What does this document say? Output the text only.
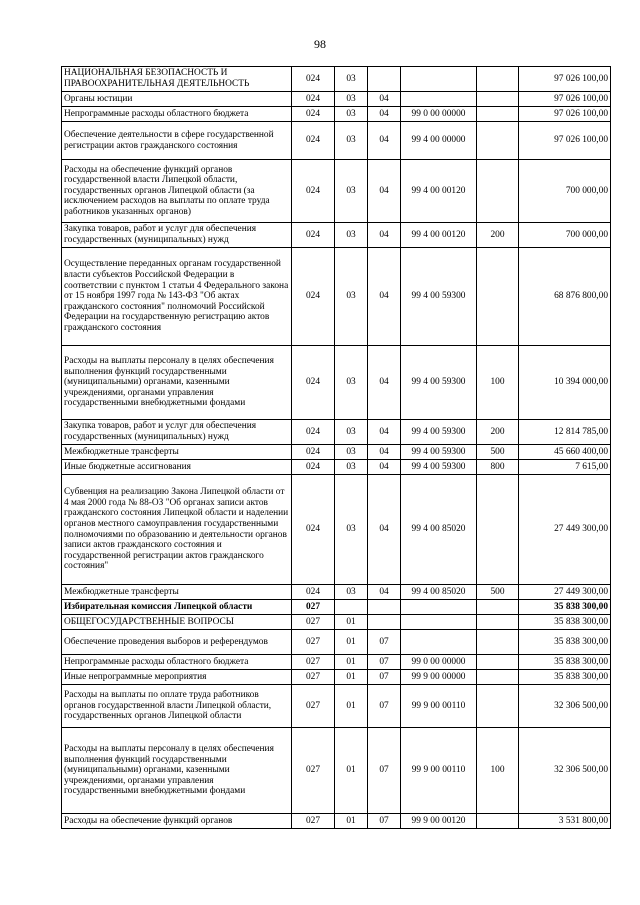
98
НАЦИОНАЛЬНАЯ БЕЗОПАСНОСТЬ И ПРАВООХРАНИТЕЛЬНАЯ ДЕЯТЕЛЬНОСТЬ	024	03				97 026 100,00
Органы юстиции	024	03	04			97 026 100,00
Непрограммные расходы областного бюджета	024	03	04	99 0 00 00000		97 026 100,00
Обеспечение деятельности в сфере государственной регистрации актов гражданского состояния	024	03	04	99 4 00 00000		97 026 100,00
Расходы на обеспечение функций органов государственной власти Липецкой области, государственных органов Липецкой области (за исключением расходов на выплаты по оплате труда работников указанных органов)	024	03	04	99 4 00 00120		700 000,00
Закупка товаров, работ и услуг для обеспечения государственных (муниципальных) нужд	024	03	04	99 4 00 00120	200	700 000,00
Осуществление переданных органам государственной власти субъектов Российской Федерации в соответствии с пунктом 1 статьи 4 Федерального закона от 15 ноября 1997 года № 143-ФЗ "Об актах гражданского состояния" полномочий Российской Федерации на государственную регистрацию актов гражданского состояния	024	03	04	99 4 00 59300		68 876 800,00
Расходы на выплаты персоналу в целях обеспечения выполнения функций государственными (муниципальными) органами, казенными учреждениями, органами управления государственными внебюджетными фондами	024	03	04	99 4 00 59300	100	10 394 000,00
Закупка товаров, работ и услуг для обеспечения государственных (муниципальных) нужд	024	03	04	99 4 00 59300	200	12 814 785,00
Межбюджетные трансферты	024	03	04	99 4 00 59300	500	45 660 400,00
Иные бюджетные ассигнования	024	03	04	99 4 00 59300	800	7 615,00
Субвенция на реализацию Закона Липецкой области от 4 мая 2000 года № 88-ОЗ "Об органах записи актов гражданского состояния Липецкой области и наделении органов местного самоуправления государственными полномочиями по образованию и деятельности органов записи актов гражданского состояния и государственной регистрации актов гражданского состояния"	024	03	04	99 4 00 85020		27 449 300,00
Межбюджетные трансферты	024	03	04	99 4 00 85020	500	27 449 300,00
Избирательная комиссия Липецкой области	027					35 838 300,00
ОБЩЕГОСУДАРСТВЕННЫЕ ВОПРОСЫ	027	01				35 838 300,00
Обеспечение проведения выборов и референдумов	027	01	07			35 838 300,00
Непрограммные расходы областного бюджета	027	01	07	99 0 00 00000		35 838 300,00
Иные непрограммные мероприятия	027	01	07	99 9 00 00000		35 838 300,00
Расходы на выплаты по оплате труда работников органов государственной власти Липецкой области, государственных органов Липецкой области	027	01	07	99 9 00 00110		32 306 500,00
Расходы на выплаты персоналу в целях обеспечения выполнения функций государственными (муниципальными) органами, казенными учреждениями, органами управления государственными внебюджетными фондами	027	01	07	99 9 00 00110	100	32 306 500,00
Расходы на обеспечение функций органов	027	01	07	99 9 00 00120		3 531 800,00
